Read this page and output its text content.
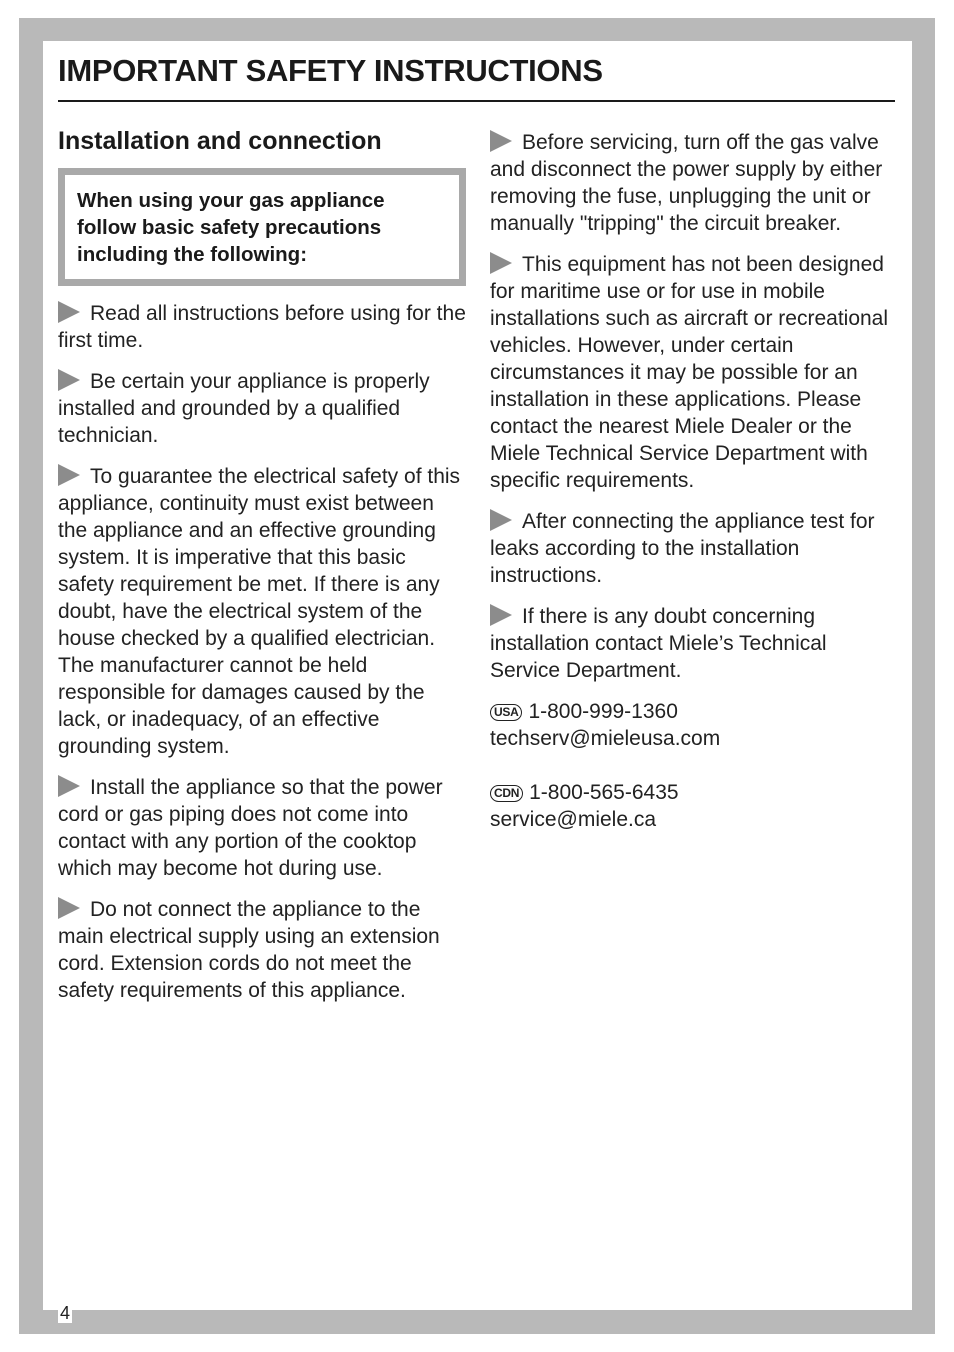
IMPORTANT SAFETY INSTRUCTIONS
Installation and connection
When using your gas appliance follow basic safety precautions including the following:

Read all instructions before using for the first time.

Be certain your appliance is properly installed and grounded by a qualified technician.

To guarantee the electrical safety of this appliance, continuity must exist between the appliance and an effective grounding system. It is imperative that this basic safety requirement be met. If there is any doubt, have the electrical system of the house checked by a qualified electrician. The manufacturer cannot be held responsible for damages caused by the lack, or inadequacy, of an effective grounding system.

Install the appliance so that the power cord or gas piping does not come into contact with any portion of the cooktop which may become hot during use.

Do not connect the appliance to the main electrical supply using an extension cord. Extension cords do not meet the safety requirements of this appliance.

Before servicing, turn off the gas valve and disconnect the power supply by either removing the fuse, unplugging the unit or manually "tripping" the circuit breaker.

This equipment has not been designed for maritime use or for use in mobile installations such as aircraft or recreational vehicles. However, under certain circumstances it may be possible for an installation in these applications. Please contact the nearest Miele Dealer or the Miele Technical Service Department with specific requirements.

After connecting the appliance test for leaks according to the installation instructions.

If there is any doubt concerning installation contact Miele’s Technical Service Department.

USA 1-800-999-1360
techserv@mieleusa.com
CDN 1-800-565-6435
service@miele.ca
4
